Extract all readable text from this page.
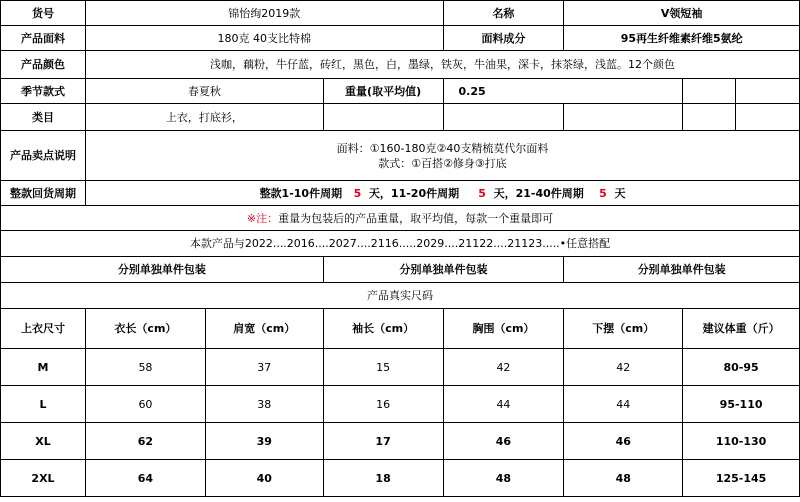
货号	锦怡绚2019款			名称	V领短袖		
产品面料	180克 40支比特棉			面料成分	95再生纤维素纤维5氨纶		
产品颜色	浅咖，藕粉，牛仔蓝，砖红，黑色，白，墨绿，铁灰，牛油果，深卡，抹茶绿，浅蓝。12个颜色						
季节款式	春夏秋		重量(取平均值)	0.25			
类目	上衣，打底衫，						
产品卖点说明	面料：①160-180克②40支精梳莫代尔面料
款式：①百搭②修身③打底						

整款回货周期	整款1-10件周期 5 天，11-20件周期 5 天，21-40件周期 5 天						
※注：重量为包装后的产品重量，取平均值，每款一个重量即可							
本款产品与2022....2016....2027....2116.....2029....21122....21123.....•任意搭配							
分别单独单件包装			分别单独单件包装		分别单独单件包装		
产品真实尺码							
上衣尺寸	衣长（cm）	肩宽（cm）	袖长（cm）	胸围（cm）	下摆（cm）	建议体重（斤）	
M	58	37	15	42	42	80-95	
L	60	38	16	44	44	95-110	
XL	62	39	17	46	46	110-130	
2XL	64	40	18	48	48	125-145	
